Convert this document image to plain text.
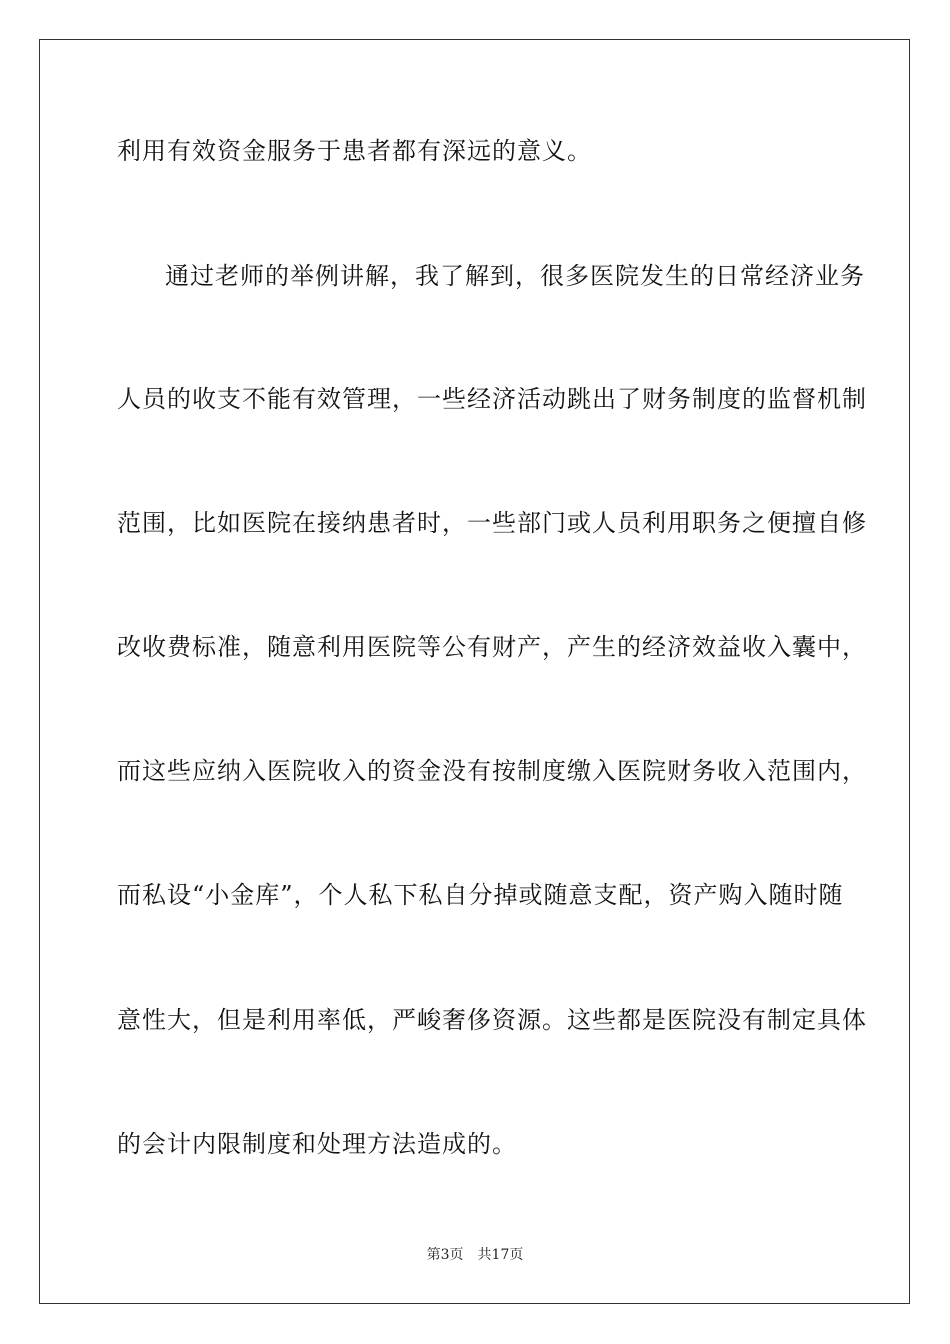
利用有效资金服务于患者都有深远的意义。

通过老师的举例讲解，我了解到，很多医院发生的日常经济业务

人员的收支不能有效管理，一些经济活动跳出了财务制度的监督机制

范围，比如医院在接纳患者时，一些部门或人员利用职务之便擅自修

改收费标准，随意利用医院等公有财产，产生的经济效益收入囊中，

而这些应纳入医院收入的资金没有按制度缴入医院财务收入范围内，

而私设“小金库”，个人私下私自分掉或随意支配，资产购入随时随

意性大，但是利用率低，严峻奢侈资源。这些都是医院没有制定具体

的会计内限制度和处理方法造成的。

第3页 共17页
